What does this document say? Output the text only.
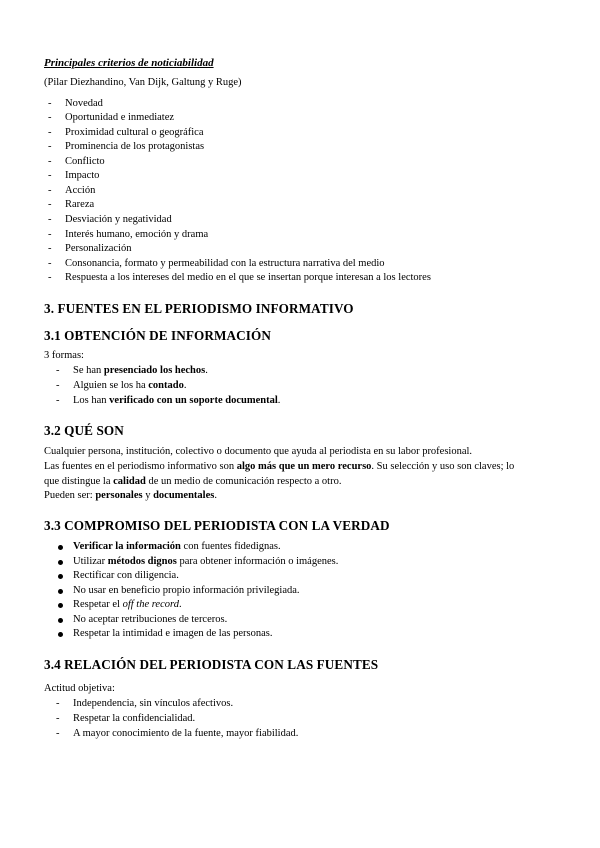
Principales criterios de noticiabilidad
(Pilar Diezhandino, Van Dijk, Galtung y Ruge)
- Novedad
- Oportunidad e inmediatez
- Proximidad cultural o geográfica
- Prominencia de los protagonistas
- Conflicto
- Impacto
- Acción
- Rareza
- Desviación y negatividad
- Interés humano, emoción y drama
- Personalización
- Consonancia, formato y permeabilidad con la estructura narrativa del medio
- Respuesta a los intereses del medio en el que se insertan porque interesan a los lectores
3. FUENTES EN EL PERIODISMO INFORMATIVO
3.1 OBTENCIÓN DE INFORMACIÓN
3 formas:
- Se han presenciado los hechos.
- Alguien se los ha contado.
- Los han verificado con un soporte documental.
3.2 QUÉ SON
Cualquier persona, institución, colectivo o documento que ayuda al periodista en su labor profesional.
Las fuentes en el periodismo informativo son algo más que un mero recurso. Su selección y uso son claves; lo
que distingue la calidad de un medio de comunicación respecto a otro.
Pueden ser: personales y documentales.
3.3 COMPROMISO DEL PERIODISTA CON LA VERDAD
Verificar la información con fuentes fidedignas.
Utilizar métodos dignos para obtener información o imágenes.
Rectificar con diligencia.
No usar en beneficio propio información privilegiada.
Respetar el off the record.
No aceptar retribuciones de terceros.
Respetar la intimidad e imagen de las personas.
3.4 RELACIÓN DEL PERIODISTA CON LAS FUENTES
Actitud objetiva:
- Independencia, sin vínculos afectivos.
- Respetar la confidencialidad.
- A mayor conocimiento de la fuente, mayor fiabilidad.
